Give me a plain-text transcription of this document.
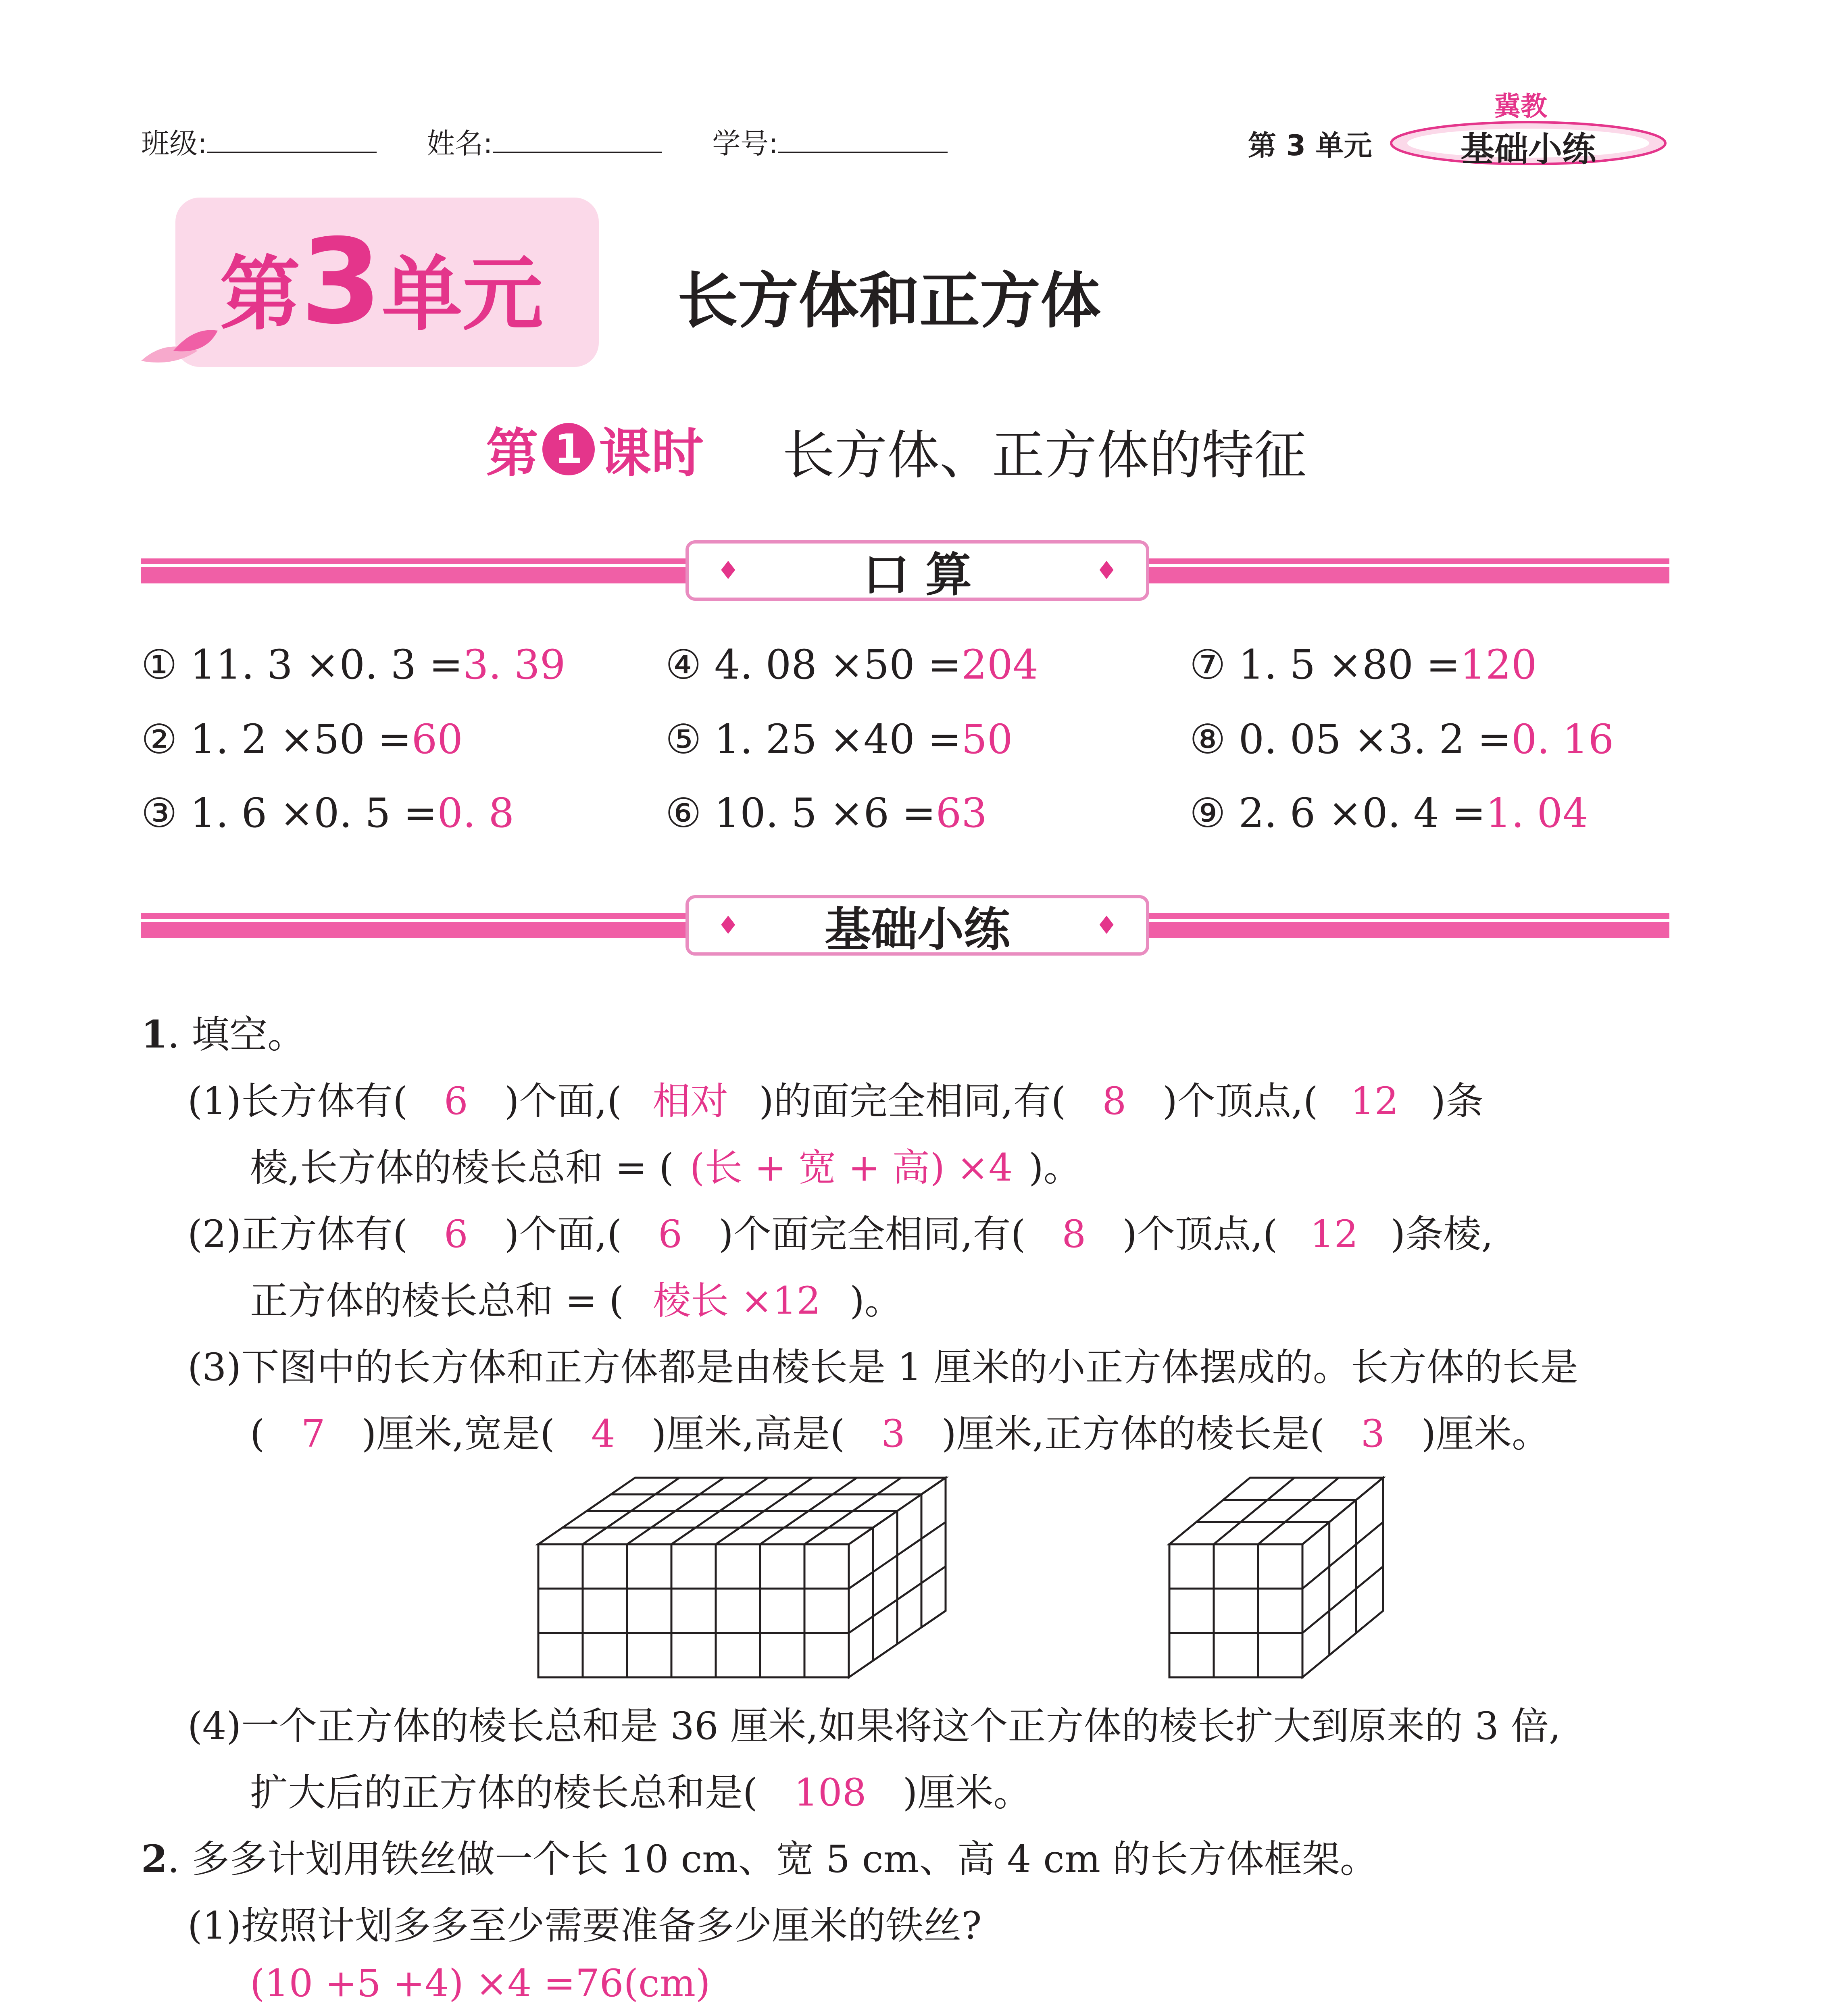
班级:	姓名:	学号:	第 3 单元
冀教
基础小练
第3单元 长方体和正方体
第 1 课时 长方体、正方体的特征
♦	口 算	♦
① 11. 3 ×0. 3 =3. 39 ④ 4. 08 ×50 =204	⑦ 1. 5 ×80 =120
② 1. 2 ×50 =60	⑤ 1. 25 ×40 =50	⑧ 0. 05 ×3. 2 =0. 16
③ 1. 6 ×0. 5 =0. 8	⑥ 10. 5 ×6 =63	⑨ 2. 6 ×0. 4 =1. 04
♦ 基础小练	♦
1. 填空。
(1)长方体有( 6 )个面,( 相对 )的面完全相同,有( 8 )个顶点,( 12 )条
棱,长方体的棱长总和 = ( (长 + 宽 + 高) ×4 )。
(2)正方体有( 6 )个面,( 6 )个面完全相同,有( 8 )个顶点,( 12 )条棱,
正方体的棱长总和 = ( 棱长 ×12 )。
(3)下图中的长方体和正方体都是由棱长是 1 厘米的小正方体摆成的。长方体的长是
( 7 )厘米,宽是( 4 )厘米,高是( 3 )厘米,正方体的棱长是( 3 )厘米。
(4)一个正方体的棱长总和是 36 厘米,如果将这个正方体的棱长扩大到原来的 3 倍,
扩大后的正方体的棱长总和是( 108 )厘米。
2. 多多计划用铁丝做一个长 10 cm、宽 5 cm、高 4 cm 的长方体框架。
(1)按照计划多多至少需要准备多少厘米的铁丝?
(10 +5 +4) ×4 =76(cm)
